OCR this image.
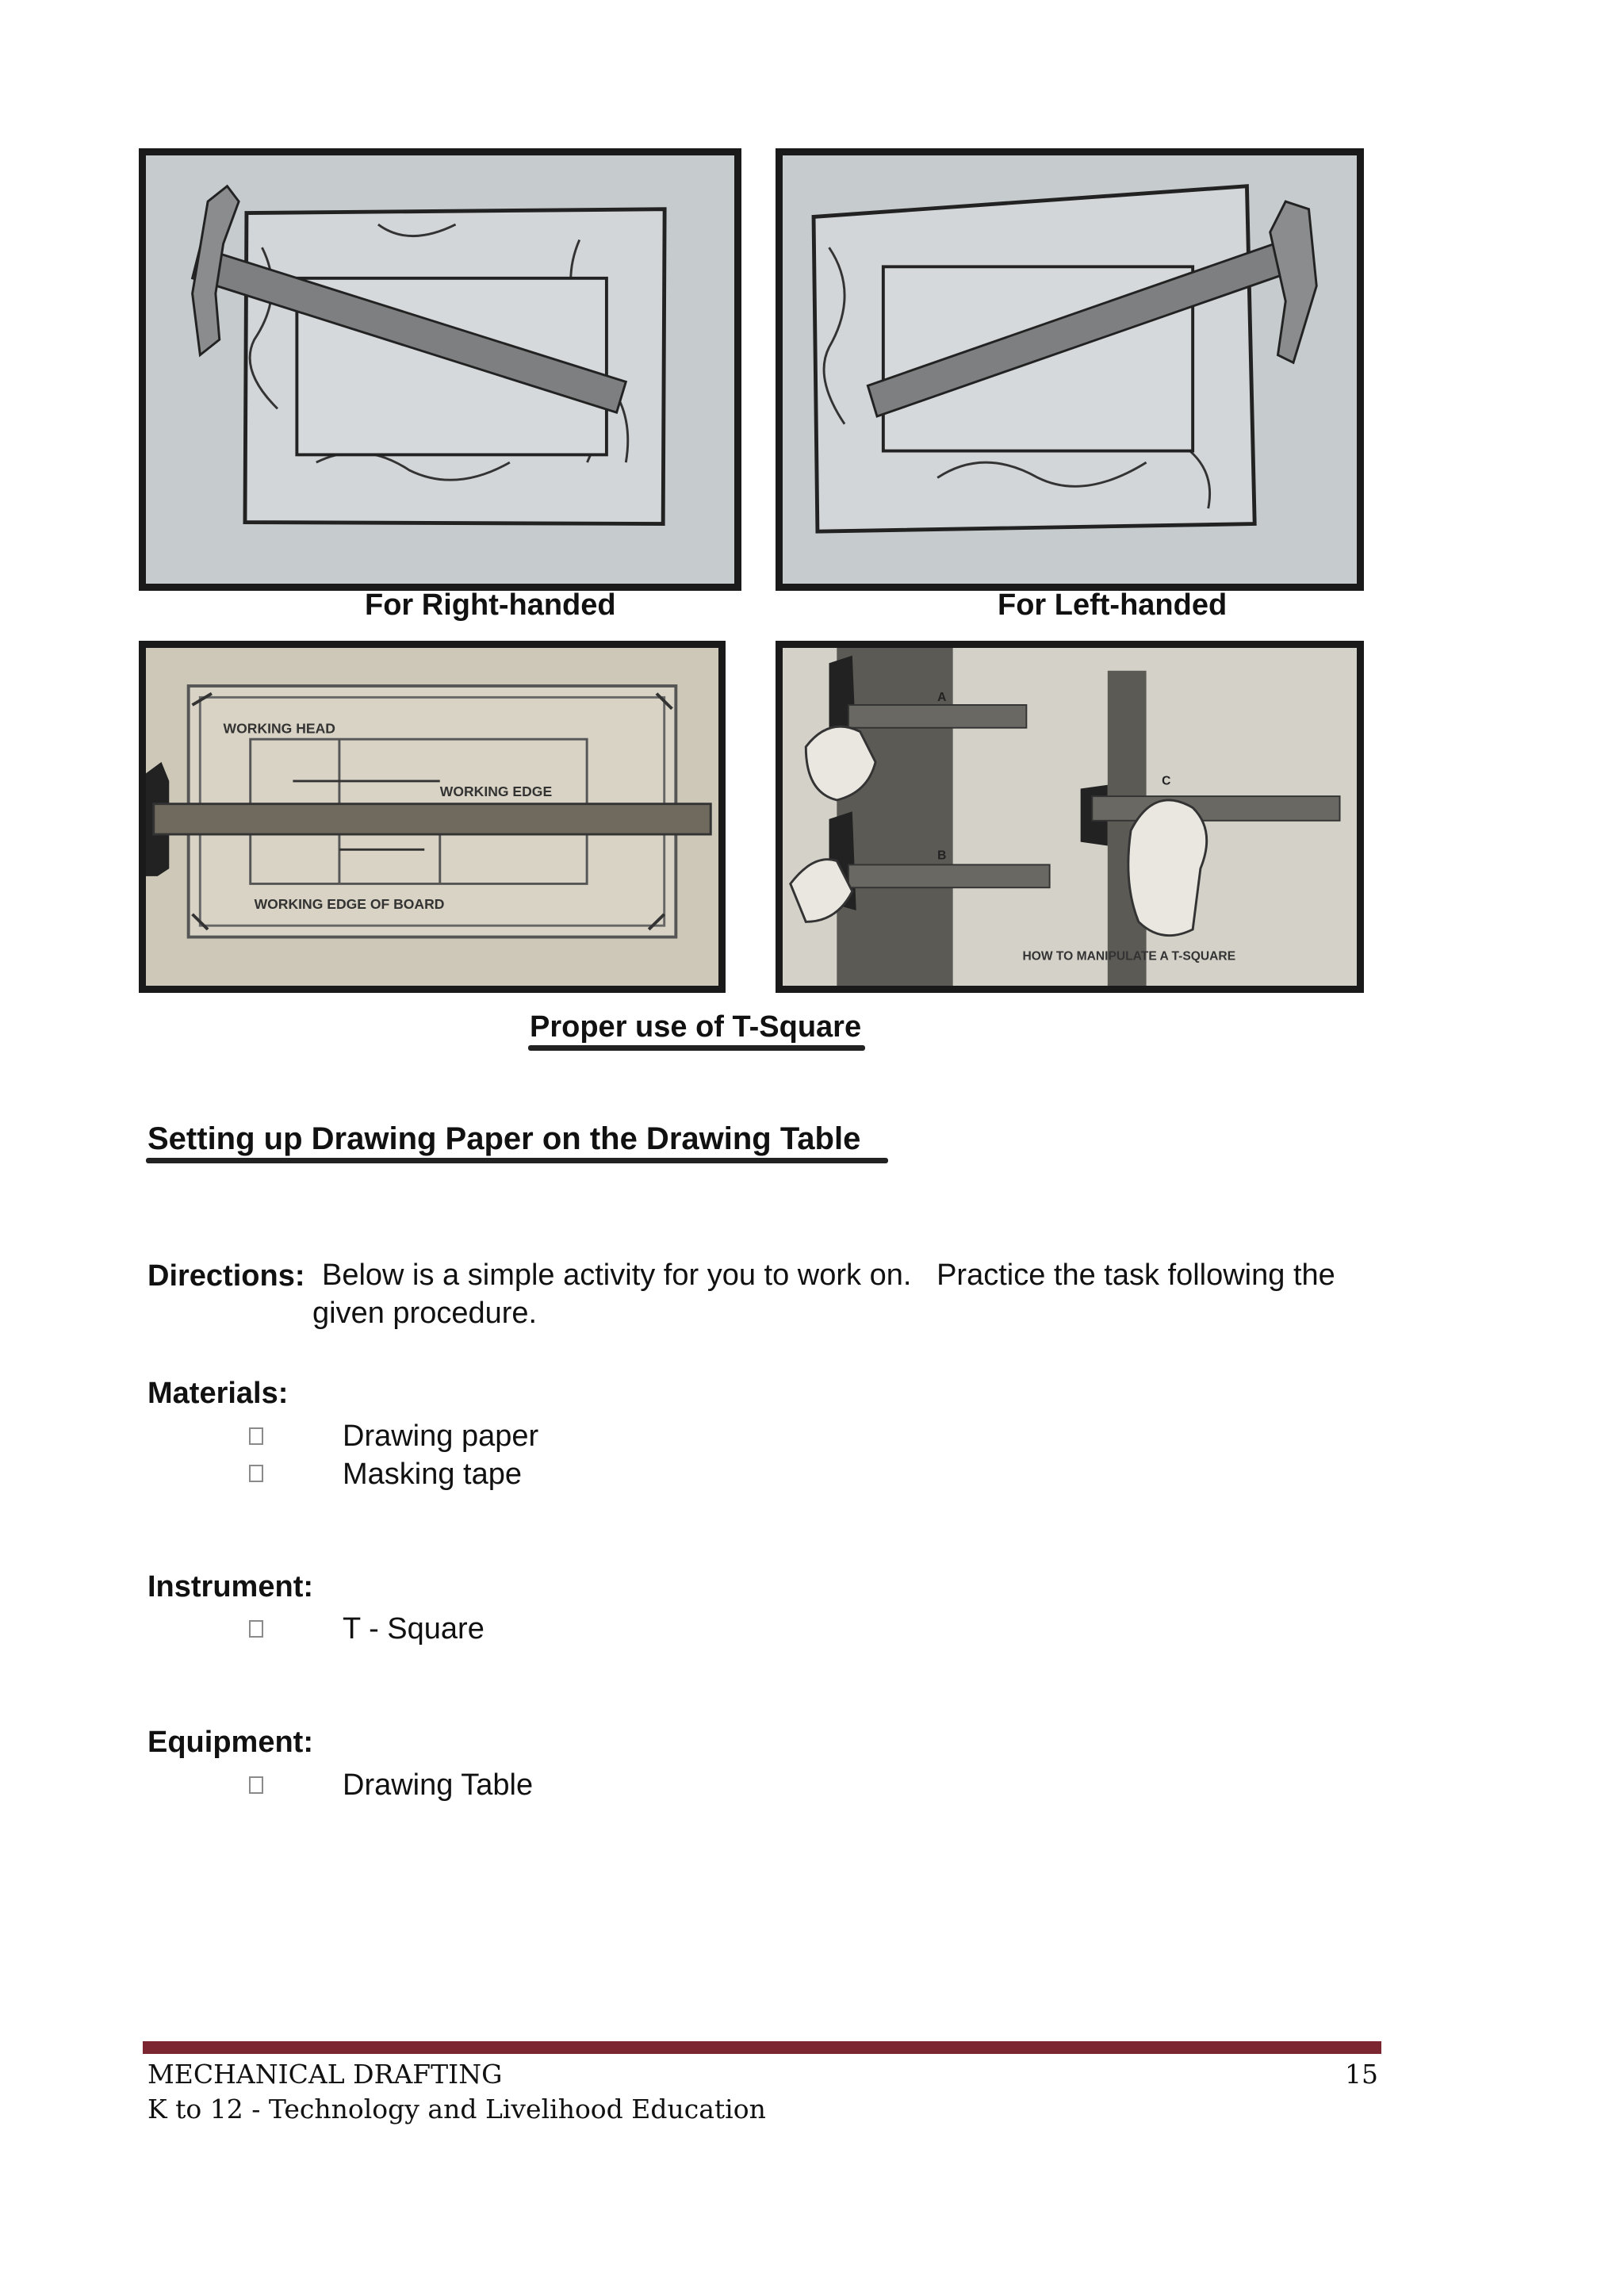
For Right-handed	For Left-handed
WORKING HEAD
WORKING EDGE
WORKING EDGE OF BOARD
A
B
C
HOW TO MANIPULATE A T-SQUARE
Proper use of T-Square
Setting up Drawing Paper on the Drawing Table
Directions: Below is a simple activity for you to work on.   Practice the task following the
given procedure.
Materials:
Drawing paper
Masking tape
Instrument:
T - Square
Equipment:
Drawing Table
MECHANICAL DRAFTING	15
K to 12 - Technology and Livelihood Education
